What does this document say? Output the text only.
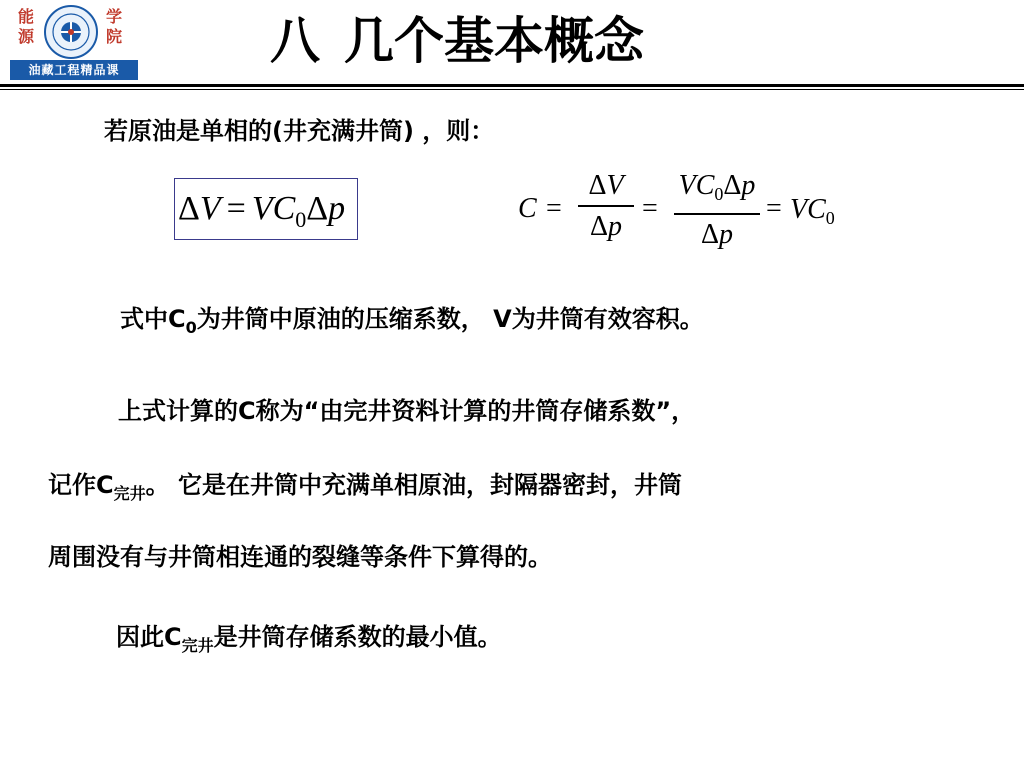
能
源
学
院
油藏工程精品课	八 几个基本概念
若原油是单相的(井充满井筒) ，则：
$\Delta V = VC_0\Delta p$	C =
ΔV
Δp
=
$VC_0\Delta p$
Δp
= $VC_0$
式中$C_0$为井筒中原油的压缩系数， V为井筒有效容积。
上式计算的C称为“由完井资料计算的井筒存储系数”，
记作$C_{完井}$。 它是在井筒中充满单相原油，封隔器密封，井筒
周围没有与井筒相连通的裂缝等条件下算得的。
因此$C_{完井}$是井筒存储系数的最小值。
